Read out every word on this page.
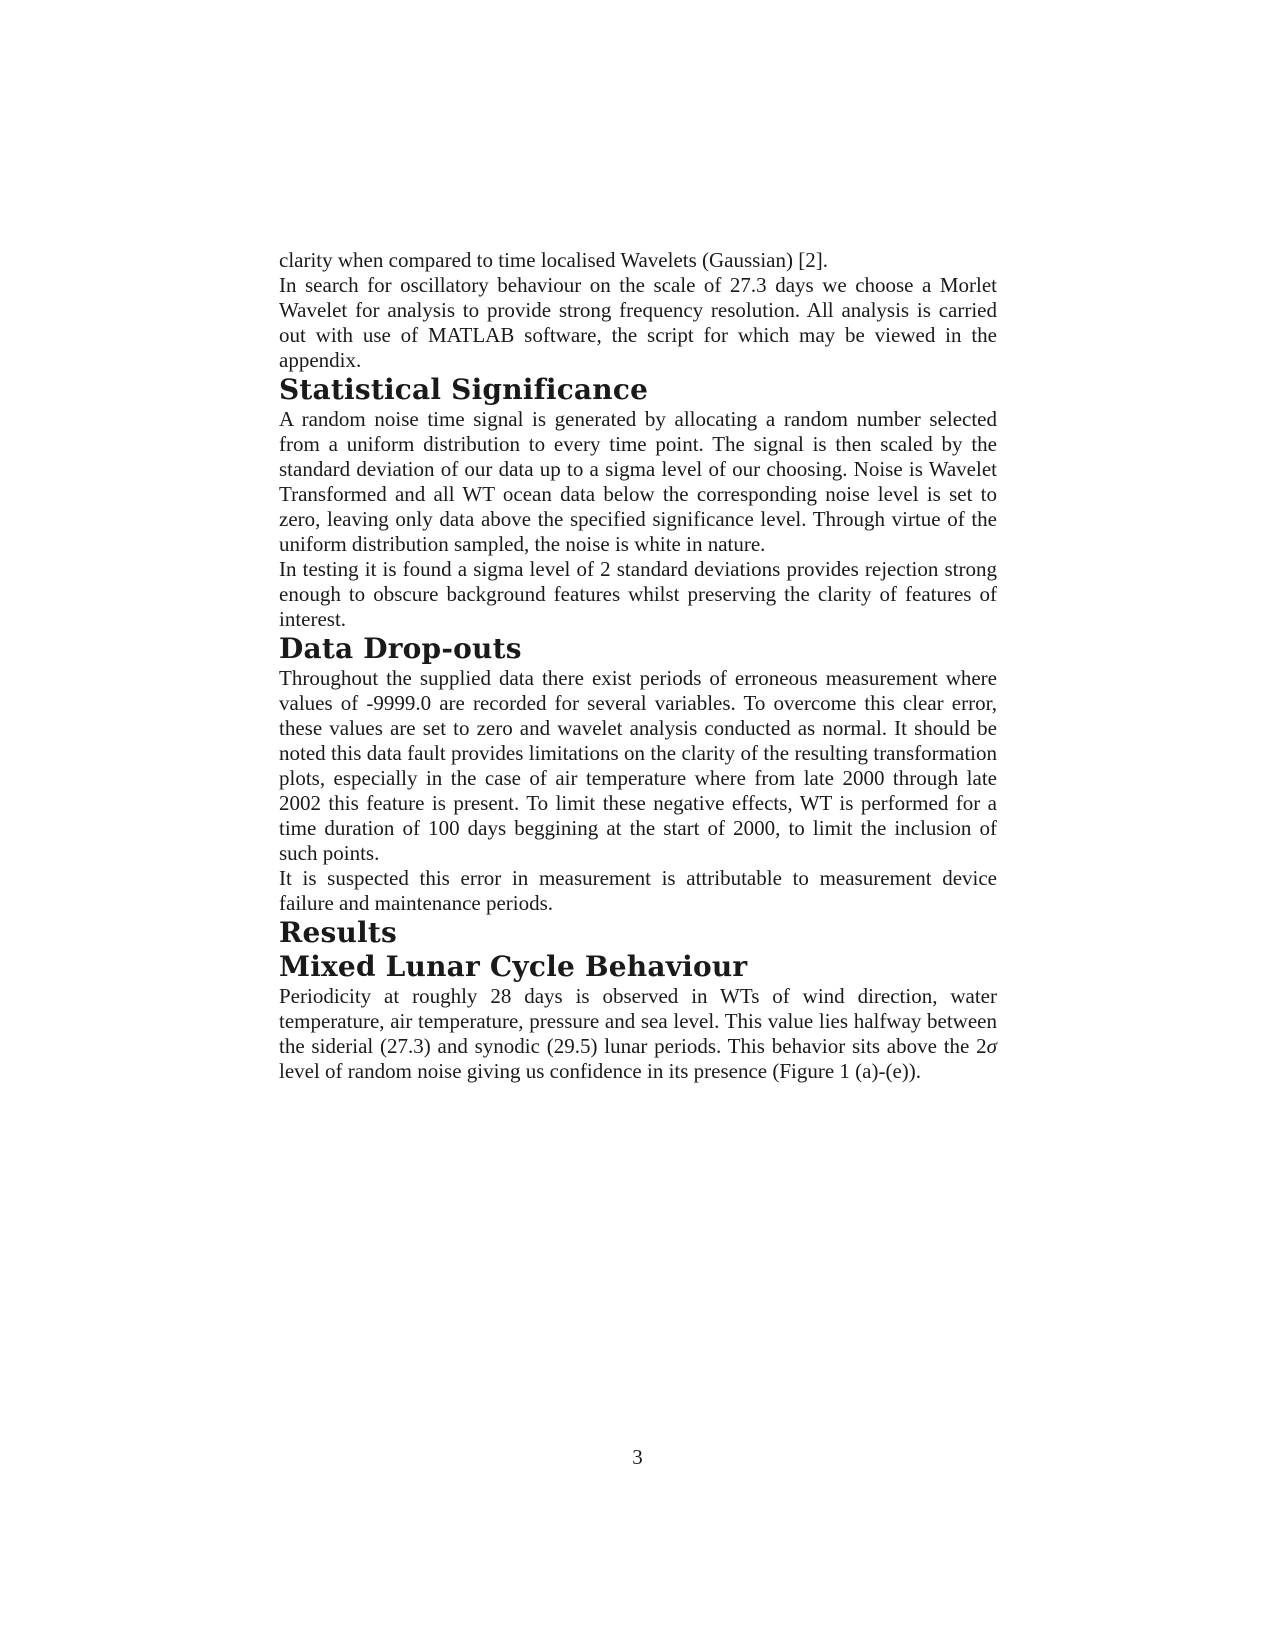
clarity when compared to time localised Wavelets (Gaussian) [2].

In search for oscillatory behaviour on the scale of 27.3 days we choose a Morlet Wavelet for analysis to provide strong frequency resolution. All analysis is carried out with use of MATLAB software, the script for which may be viewed in the appendix.

Statistical Significance

A random noise time signal is generated by allocating a random number selected from a uniform distribution to every time point. The signal is then scaled by the standard deviation of our data up to a sigma level of our choosing. Noise is Wavelet Transformed and all WT ocean data below the corresponding noise level is set to zero, leaving only data above the specified significance level. Through virtue of the uniform distribution sampled, the noise is white in nature.

In testing it is found a sigma level of 2 standard deviations provides rejection strong enough to obscure background features whilst preserving the clarity of features of interest.

Data Drop-outs

Throughout the supplied data there exist periods of erroneous measurement where values of -9999.0 are recorded for several variables. To overcome this clear error, these values are set to zero and wavelet analysis conducted as normal. It should be noted this data fault provides limitations on the clarity of the resulting transformation plots, especially in the case of air temperature where from late 2000 through late 2002 this feature is present. To limit these negative effects, WT is performed for a time duration of 100 days beggining at the start of 2000, to limit the inclusion of such points.

It is suspected this error in measurement is attributable to measurement device failure and maintenance periods.

Results
Mixed Lunar Cycle Behaviour

Periodicity at roughly 28 days is observed in WTs of wind direction, water temperature, air temperature, pressure and sea level. This value lies halfway between the siderial (27.3) and synodic (29.5) lunar periods. This behavior sits above the 2σ level of random noise giving us confidence in its presence (Figure 1 (a)-(e)).

3
